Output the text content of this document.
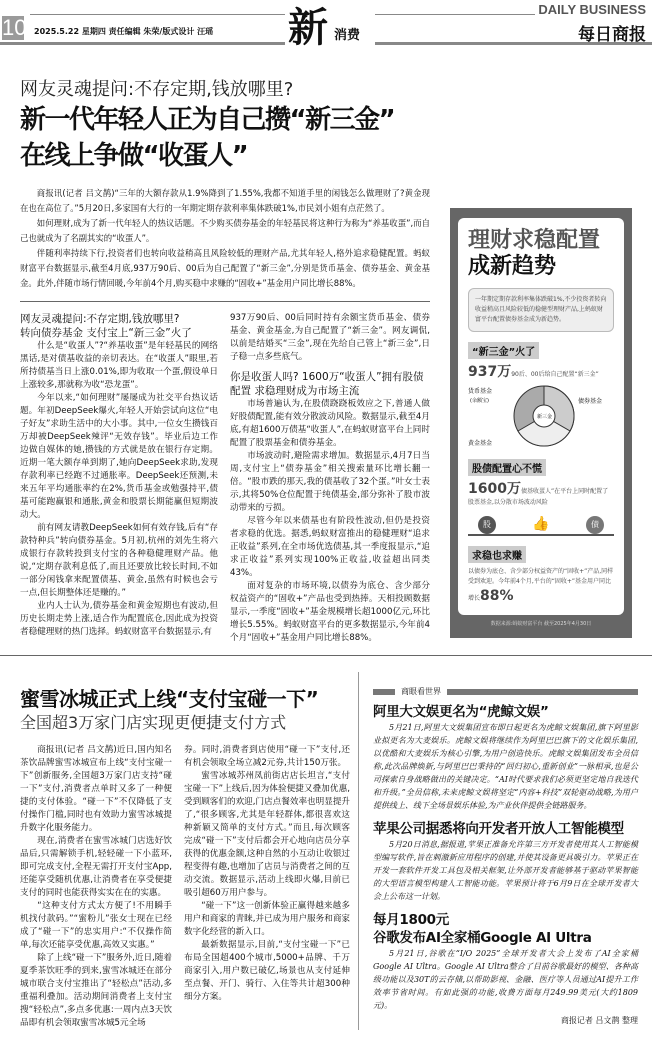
10 2025.5.22 星期四 责任编辑 朱荣/版式设计 汪瑶 新 消费
DAILY BUSINESS
每日商报
网友灵魂提问:不存定期,钱放哪里?
新一代年轻人正为自己攒“新三金”
在线上争做“收蛋人”

商报讯(记者 吕文鹊)“三年的大额存款从1.9%降到了1.55%,我都不知道手里的闲钱怎么做理财了?黄金现在也在高位了。”5月20日,多家国有大行的一年期定期存款利率集体跌破1%,市民刘小姐有点茫然了。

如何理财,成为了新一代年轻人的热议话题。不少购买债券基金的年轻基民将这种行为称为“养基收蛋”,而自己也就成为了名副其实的“收蛋人”。

伴随利率持续下行,投资者们也转向收益稍高且风险较低的理财产品,尤其年轻人,格外追求稳健配置。蚂蚁财富平台数据显示,截至4月底,937万90后、00后为自己配置了“新三金”,分别是货币基金、债券基金、黄金基金。此外,伴随市场行情回暖,今年前4个月,购买稳中求赚的“固收+”基金用户同比增长88%。

网友灵魂提问:不存定期,钱放哪里?
转向债券基金 支付宝上“新三金”火了

什么是“收蛋人”?“养基收蛋”是年轻基民的网络黑话,是对债基收益的亲切表达。在“收蛋人”眼里,若所持债基当日上涨0.01%,即为收取一个蛋,假设单日上涨较多,那就称为收“恐龙蛋”。

今年以来,“如何理财”屡屡成为社交平台热议话题。年初DeepSeek爆火,年轻人开始尝试向这位“电子好友”求助生活中的大小事。其中,一位女生攒钱百万却被DeepSeek辣评“无效存钱”。毕业后边工作边做自媒体的她,攒钱的方式就是放在银行存定期。近期一笔大额存单到期了,她向DeepSeek求助,发现存款利率已经跑不过通胀率。DeepSeek还预测,未来五年平均通胀率约在2%,货币基金或勉强持平,债基可能跑赢银和通胀,黄金和股票长期能赢但短期波动大。

前有网友请教DeepSeek如何有效存钱,后有“存款特种兵”转向债券基金。5月初,杭州的刘先生将六成银行存款转投到支付宝的各种稳健理财产品。他说,“定期存款利息低了,而且还要放比较长时间,不如一部分闲钱拿来配置债基、黄金,虽然有时候也会亏一点,但长期整体还是赚的。”

业内人士认为,债券基金和黄金短期也有波动,但历史长期走势上涨,适合作为配置底仓,因此成为投资者稳健理财的热门选择。蚂蚁财富平台数据显示,有

937万90后、00后同时持有余额宝货币基金、债券基金、黄金基金,为自己配置了“新三金”。网友调侃,以前是结婚买“三金”,现在先给自己管上“新三金”,日子稳一点多些底气。

你是收蛋人吗? 1600万“收蛋人”拥有股债配置 求稳理财成为市场主流

市场普遍认为,在股债跷跷板效应之下,普通人做好股债配置,能有效分散波动风险。数据显示,截至4月底,有超1600万债基“收蛋人”,在蚂蚁财富平台上同时配置了股票基金和债券基金。

市场波动时,避险需求增加。数据显示,4月7日当周,支付宝上“债券基金”相关搜索量环比增长翻一倍。“股市跌的那天,我的债基收了32个蛋。”叶女士表示,其将50%仓位配置于纯债基金,部分弥补了股市波动带来的亏损。

尽管今年以来债基也有阶段性波动,但仍是投资者求稳的优选。据悉,蚂蚁财富推出的稳健理财“追求正收益”系列,在全市场优选债基,其一季度报显示,“追求正收益”系列实现100%正收益,收益超出同类43%。

面对复杂的市场环境,以债券为底仓、含少部分权益资产的“固收+”产品也受到热捧。天相投顾数据显示,一季度“固收+”基金规模增长超1000亿元,环比增长5.55%。蚂蚁财富平台的更多数据显示,今年前4个月“固收+”基金用户同比增长88%。

理财求稳配置
成新趋势
一年期定期存款利率集体跌破1%,不少投资者转向收益稍高且风险较低的稳健型理财产品,上蚂蚁财富平台配置债券基金成为新趋势。
“新三金”火了
937万90后、00后给自己配置“新三金”
货币基金
(余额宝)	债券基金
黄金基金
新三金
股债配置心不慌
1600万债基收蛋人”在平台上同时配置了股票基金,以分散市场波动风险
股	债
👍
求稳也求赚
以债券为底仓、含少部分权益资产的“固收+”产品,同样受到欢迎。今年前4个月,平台的“固收+”基金用户同比增长88%
数据来源:蚂蚁财富平台 截至2025年4月30日
蜜雪冰城正式上线“支付宝碰一下”
全国超3万家门店实现更便捷支付方式

商报讯(记者 吕文鹊)近日,国内知名茶饮品牌蜜雪冰城宣布上线“支付宝碰一下”创新服务,全国超3万家门店支持“碰一下”支付,消费者点单时又多了一种便捷的支付体验。“碰一下”不仅降低了支付操作门槛,同时也有效助力蜜雪冰城提升数字化服务能力。

现在,消费者在蜜雪冰城门店选好饮品后,只需解锁手机,轻轻碰一下小蓝环,即可完成支付,全程无需打开支付宝App,还能享受随机优惠,让消费者在享受便捷支付的同时也能获得实实在在的实惠。

“这种支付方式太方便了!不用瞬手机找付款码。”“蜜粉儿”张女士现在已经成了“碰一下”的忠实用户:“不仅操作简单,每次还能享受优惠,高效又实惠。”

除了上线“碰一下”服务外,近日,随着夏季茶饮旺季的到来,蜜雪冰城还在部分城市联合支付宝推出了“轻松点”活动,多重福利叠加。活动期间消费者上支付宝搜“轻松点”,多点多优惠:一周内点3天饮品即有机会领取蜜雪冰城5元全场

券。同时,消费者到店使用“碰一下”支付,还有机会领取全场立减2元券,共计150万张。

蜜雪冰城苏州凤前街店店长坦言,“支付宝碰一下”上线后,因为体验便捷又叠加优惠,受到顾客们的欢迎,门店点餐效率也明显提升了,“很多顾客,尤其是年轻群体,都很喜欢这种新颖又简单的支付方式。”而且,每次顾客完成“碰一下”支付后都会开心地向店员分享获得的优惠金额,这种自然的小互动让收银过程变得有趣,也增加了店员与消费者之间的互动交流。数据显示,活动上线即火爆,目前已吸引超60万用户参与。

“碰一下”这一创新体验正赢得越来越多用户和商家的青睐,并已成为用户服务和商家数字化经营的新入口。

最新数据显示,目前,“支付宝碰一下”已布局全国超400个城市,5000+品牌、千万商家引入,用户数已破亿,场景也从支付延伸至点餐、开门、骑行、入住等共计超300种细分方案。

商眼看世界
阿里大文娱更名为“虎鲸文娱”

5月21日,阿里大文娱集团宣布即日起更名为虎鲸文娱集团,旗下阿里影业拟更名为大麦娱乐。虎鲸文娱将继续作为阿里巴巴旗下的文化娱乐集团,以优酷和大麦娱乐为核心引擎,为用户创造快乐。虎鲸文娱集团发布全员信称,此次品牌焕新,与阿里巴巴秉持的“回归初心,重新创业”一脉相承,也是公司探索自身战略做出的关键决定。“AI时代要求我们必须更坚定地自我迭代和升级。”全员信称,未来虎鲸文娱将坚定“内容+科技”双轮驱动战略,为用户提供线上、线下全场景娱乐体验,为产业伙伴提供全链路服务。

苹果公司据悉将向开发者开放人工智能模型

5月20日消息,据报道,苹果正准备允许第三方开发者使用其人工智能模型编写软件,旨在刺激新应用程序的创建,并使其设备更具吸引力。苹果正在开发一套软件开发工具包及相关框架,让外部开发者能够基于驱动苹果智能的大型语言模型构建人工智能功能。苹果预计将于6月9日在全球开发者大会上公布这一计划。

每月1800元
谷歌发布AI全家桶Google AI Ultra

5月21日,谷歌在“I/O 2025”全球开发者大会上发布了AI全家桶Google AI Ultra。Google AI Ultra整合了目前谷歌最好的模型、各种高级功能以及30T的云存储,以帮助影视、金融、医疗等人员通过AI提升工作效率节省时间。有如此强的功能,收费方面每月249.99美元(大约1809元)。

商报记者 吕文鹊 整理
